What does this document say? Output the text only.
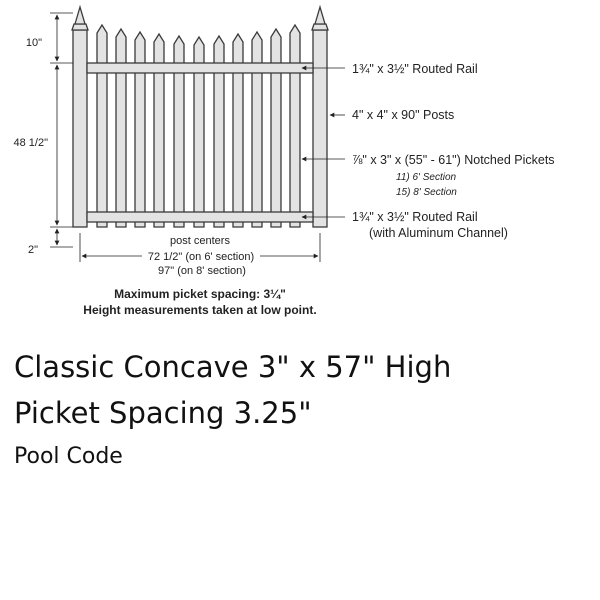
10"
48 1/2"
2"
post centers
72 1/2" (on 6' section)
97" (on 8' section)
1¾" x 3½" Routed Rail
4" x 4" x 90" Posts
⅞" x 3" x (55" - 61") Notched Pickets
11) 6' Section
15) 8' Section
1¾" x 3½" Routed Rail
(with Aluminum Channel)
Maximum picket spacing: 3¼"
Height measurements taken at low point.
Classic Concave 3" x 57" High
Picket Spacing 3.25"
Pool Code
